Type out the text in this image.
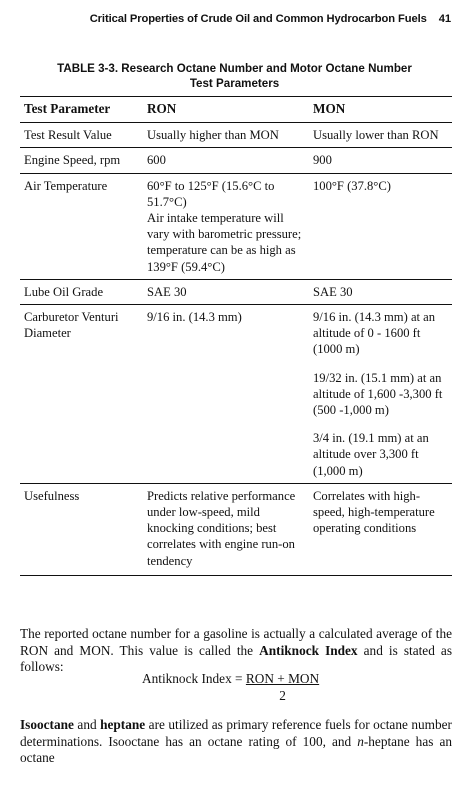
Critical Properties of Crude Oil and Common Hydrocarbon Fuels 41
TABLE 3-3. Research Octane Number and Motor Octane Number
Test Parameters
Test Parameter	RON	MON
Test Result Value	Usually higher than MON	Usually lower than RON

Engine Speed, rpm	600	900

Air Temperature	60°F to 125°F (15.6°C to 51.7°C)
Air intake temperature will vary with barometric pressure; temperature can be as high as 139°F (59.4°C)	100°F (37.8°C)

Lube Oil Grade	SAE 30	SAE 30

Carburetor Venturi Diameter	9/16 in. (14.3 mm)	9/16 in. (14.3 mm) at an altitude of 0 - 1600 ft (1000 m)
19/32 in. (15.1 mm) at an altitude of 1,600 -3,300 ft (500 -1,000 m)
3/4 in. (19.1 mm) at an altitude over 3,300 ft (1,000 m)

Usefulness	Predicts relative performance under low-speed, mild knocking conditions; best correlates with engine run-on tendency	Correlates with high-speed, high-temperature operating conditions

The reported octane number for a gasoline is actually a calculated average of the RON and MON. This value is called the Antiknock Index and is stated as follows:

Antiknock Index = $\frac{\text{RON + MON}}{2}$

Isooctane and heptane are utilized as primary reference fuels for octane number determinations. Isooctane has an octane rating of 100, and n-heptane has an octane
